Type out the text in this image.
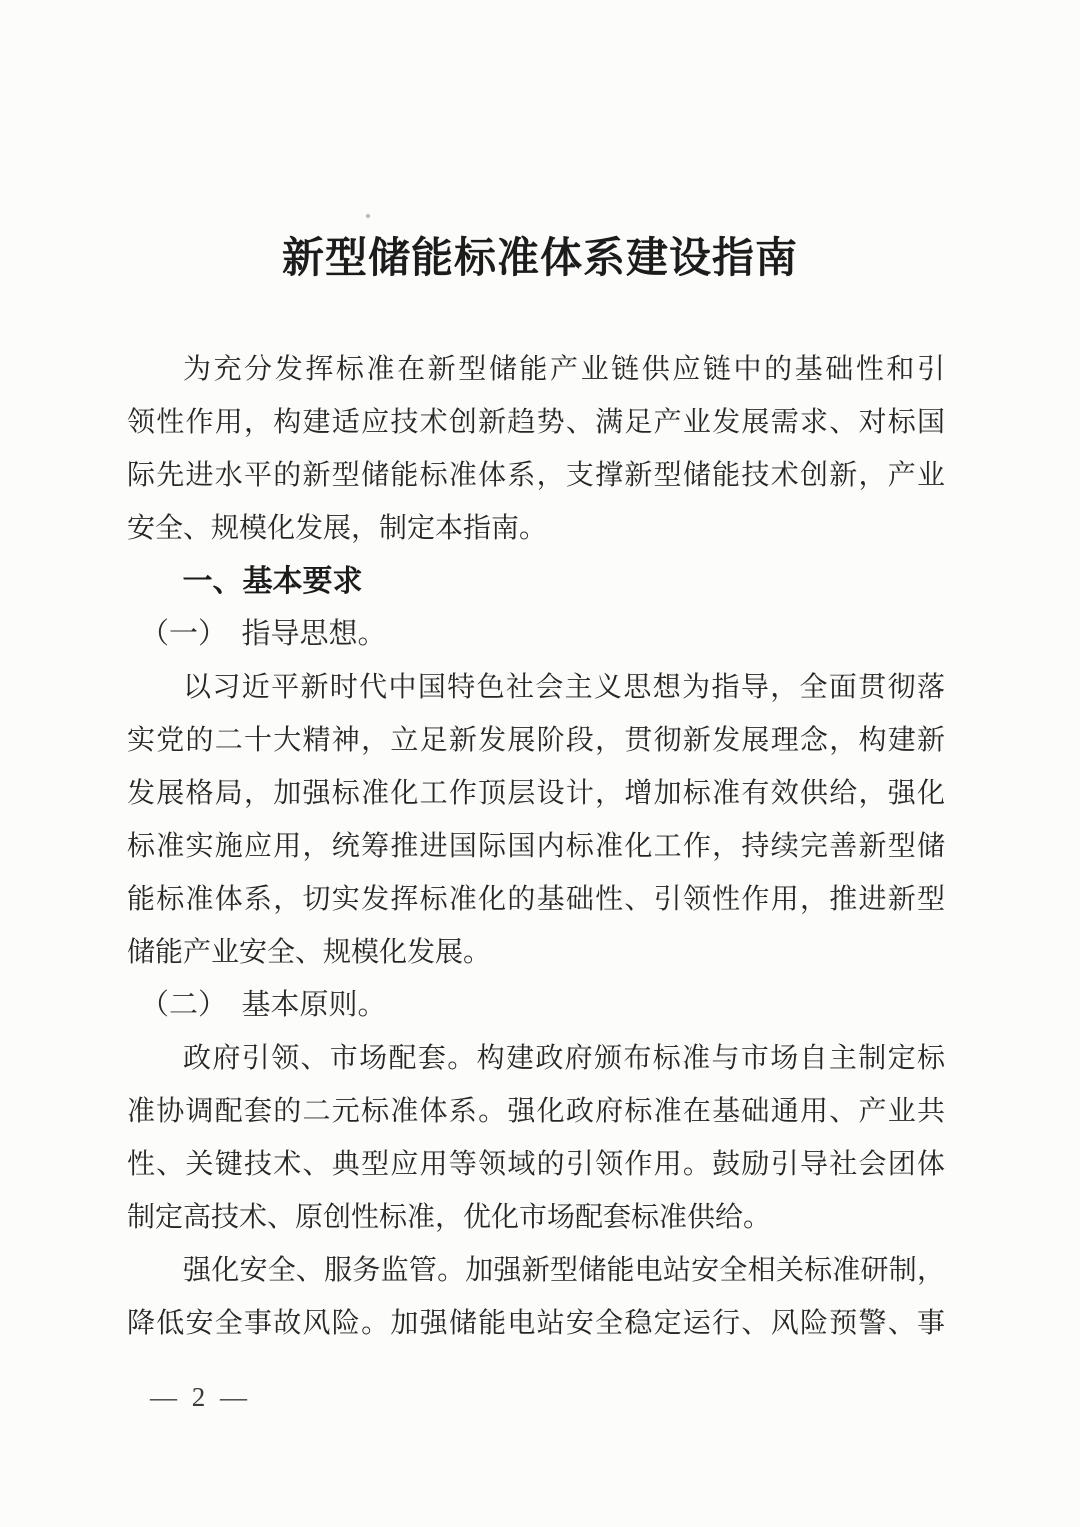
新型储能标准体系建设指南
为充分发挥标准在新型储能产业链供应链中的基础性和引
领性作用，构建适应技术创新趋势、满足产业发展需求、对标国
际先进水平的新型储能标准体系，支撑新型储能技术创新，产业
安全、规模化发展，制定本指南。
一、基本要求
（一）　指导思想。
以习近平新时代中国特色社会主义思想为指导，全面贯彻落
实党的二十大精神，立足新发展阶段，贯彻新发展理念，构建新
发展格局，加强标准化工作顶层设计，增加标准有效供给，强化
标准实施应用，统筹推进国际国内标准化工作，持续完善新型储
能标准体系，切实发挥标准化的基础性、引领性作用，推进新型
储能产业安全、规模化发展。
（二）　基本原则。
政府引领、市场配套。构建政府颁布标准与市场自主制定标
准协调配套的二元标准体系。强化政府标准在基础通用、产业共
性、关键技术、典型应用等领域的引领作用。鼓励引导社会团体
制定高技术、原创性标准，优化市场配套标准供给。
强化安全、服务监管。加强新型储能电站安全相关标准研制，
降低安全事故风险。加强储能电站安全稳定运行、风险预警、事
— 2 —
